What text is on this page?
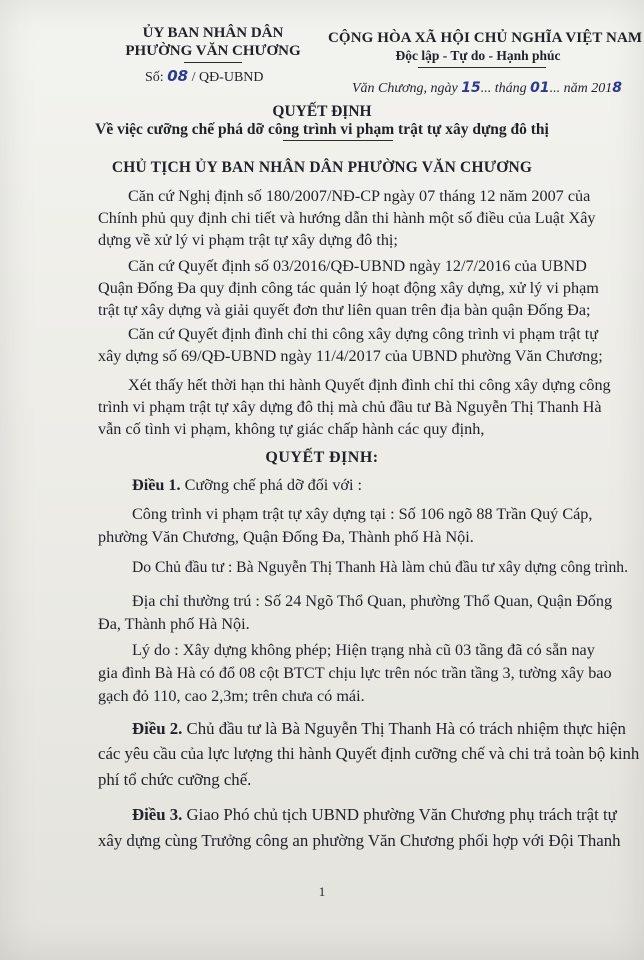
ỦY BAN NHÂN DÂN
PHƯỜNG VĂN CHƯƠNG
Số: 08 / QĐ-UBND
CỘNG HÒA XÃ HỘI CHỦ NGHĨA VIỆT NAM
Độc lập - Tự do - Hạnh phúc
Văn Chương, ngày 15... tháng 01... năm 2018
QUYẾT ĐỊNH
Về việc cưỡng chế phá dỡ công trình vi phạm trật tự xây dựng đô thị
CHỦ TỊCH ỦY BAN NHÂN DÂN PHƯỜNG VĂN CHƯƠNG
Căn cứ Nghị định số 180/2007/NĐ-CP ngày 07 tháng 12 năm 2007 của
Chính phủ quy định chi tiết và hướng dẫn thi hành một số điều của Luật Xây
dựng về xử lý vi phạm trật tự xây dựng đô thị;
Căn cứ Quyết định số 03/2016/QĐ-UBND ngày 12/7/2016 của UBND
Quận Đống Đa quy định công tác quản lý hoạt động xây dựng, xử lý vi phạm
trật tự xây dựng và giải quyết đơn thư liên quan trên địa bàn quận Đống Đa;
Căn cứ Quyết định đình chỉ thi công xây dựng công trình vi phạm trật tự
xây dựng số 69/QĐ-UBND ngày 11/4/2017 của UBND phường Văn Chương;
Xét thấy hết thời hạn thi hành Quyết định đình chỉ thi công xây dựng công
trình vi phạm trật tự xây dựng đô thị mà chủ đầu tư Bà Nguyễn Thị Thanh Hà
vẫn cố tình vi phạm, không tự giác chấp hành các quy định,
QUYẾT ĐỊNH:
Điều 1. Cưỡng chế phá dỡ đối với :
Công trình vi phạm trật tự xây dựng tại : Số 106 ngõ 88 Trần Quý Cáp,
phường Văn Chương, Quận Đống Đa, Thành phố Hà Nội.
Do Chủ đầu tư : Bà Nguyễn Thị Thanh Hà làm chủ đầu tư xây dựng công trình.
Địa chỉ thường trú : Số 24 Ngõ Thổ Quan, phường Thổ Quan, Quận Đống
Đa, Thành phố Hà Nội.
Lý do : Xây dựng không phép; Hiện trạng nhà cũ 03 tầng đã có sẵn nay
gia đình Bà Hà có đổ 08 cột BTCT chịu lực trên nóc trần tầng 3, tường xây bao
gạch đỏ 110, cao 2,3m; trên chưa có mái.
Điều 2. Chủ đầu tư là Bà Nguyễn Thị Thanh Hà có trách nhiệm thực hiện
các yêu cầu của lực lượng thi hành Quyết định cưỡng chế và chi trả toàn bộ kinh
phí tổ chức cưỡng chế.
Điều 3. Giao Phó chủ tịch UBND phường Văn Chương phụ trách trật tự
xây dựng cùng Trưởng công an phường Văn Chương phối hợp với Đội Thanh
1
